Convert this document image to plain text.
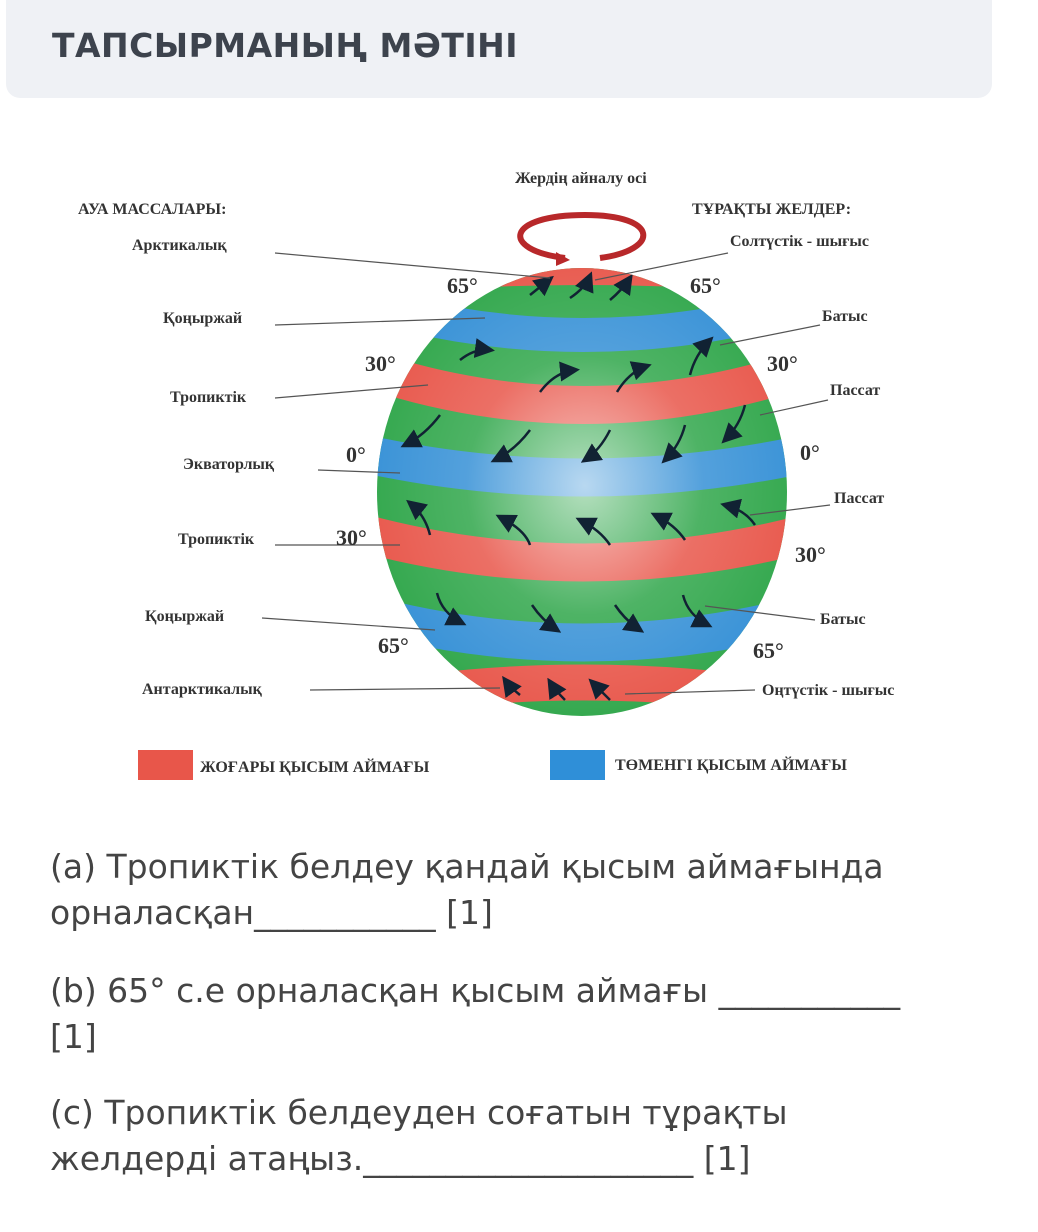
ТАПСЫРМАНЫҢ МӘТІНІ
Жердің айналу осі
АУА МАССАЛАРЫ:	ТҰРАҚТЫ ЖЕЛДЕР:
Арктикалық
Қоңыржай
Тропиктік
Экваторлық
Тропиктік
Қоңыржай
Антарктикалық
Солтүстік - шығыс
Батыс
Пассат
Пассат
Батыс
Оңтүстік - шығыс
65°	65°
30°	30°
0°	0°
30°
30°
65°	65°
ЖОҒАРЫ ҚЫСЫМ АЙМАҒЫ	ТӨМЕНГІ ҚЫСЫМ АЙМАҒЫ
(a) Тропиктік белдеу қандай қысым аймағында
орналасқан___________ [1]
(b) 65° с.е орналасқан қысым аймағы ___________
[1]
(c) Тропиктік белдеуден соғатын тұрақты
желдерді атаңыз.____________________ [1]
